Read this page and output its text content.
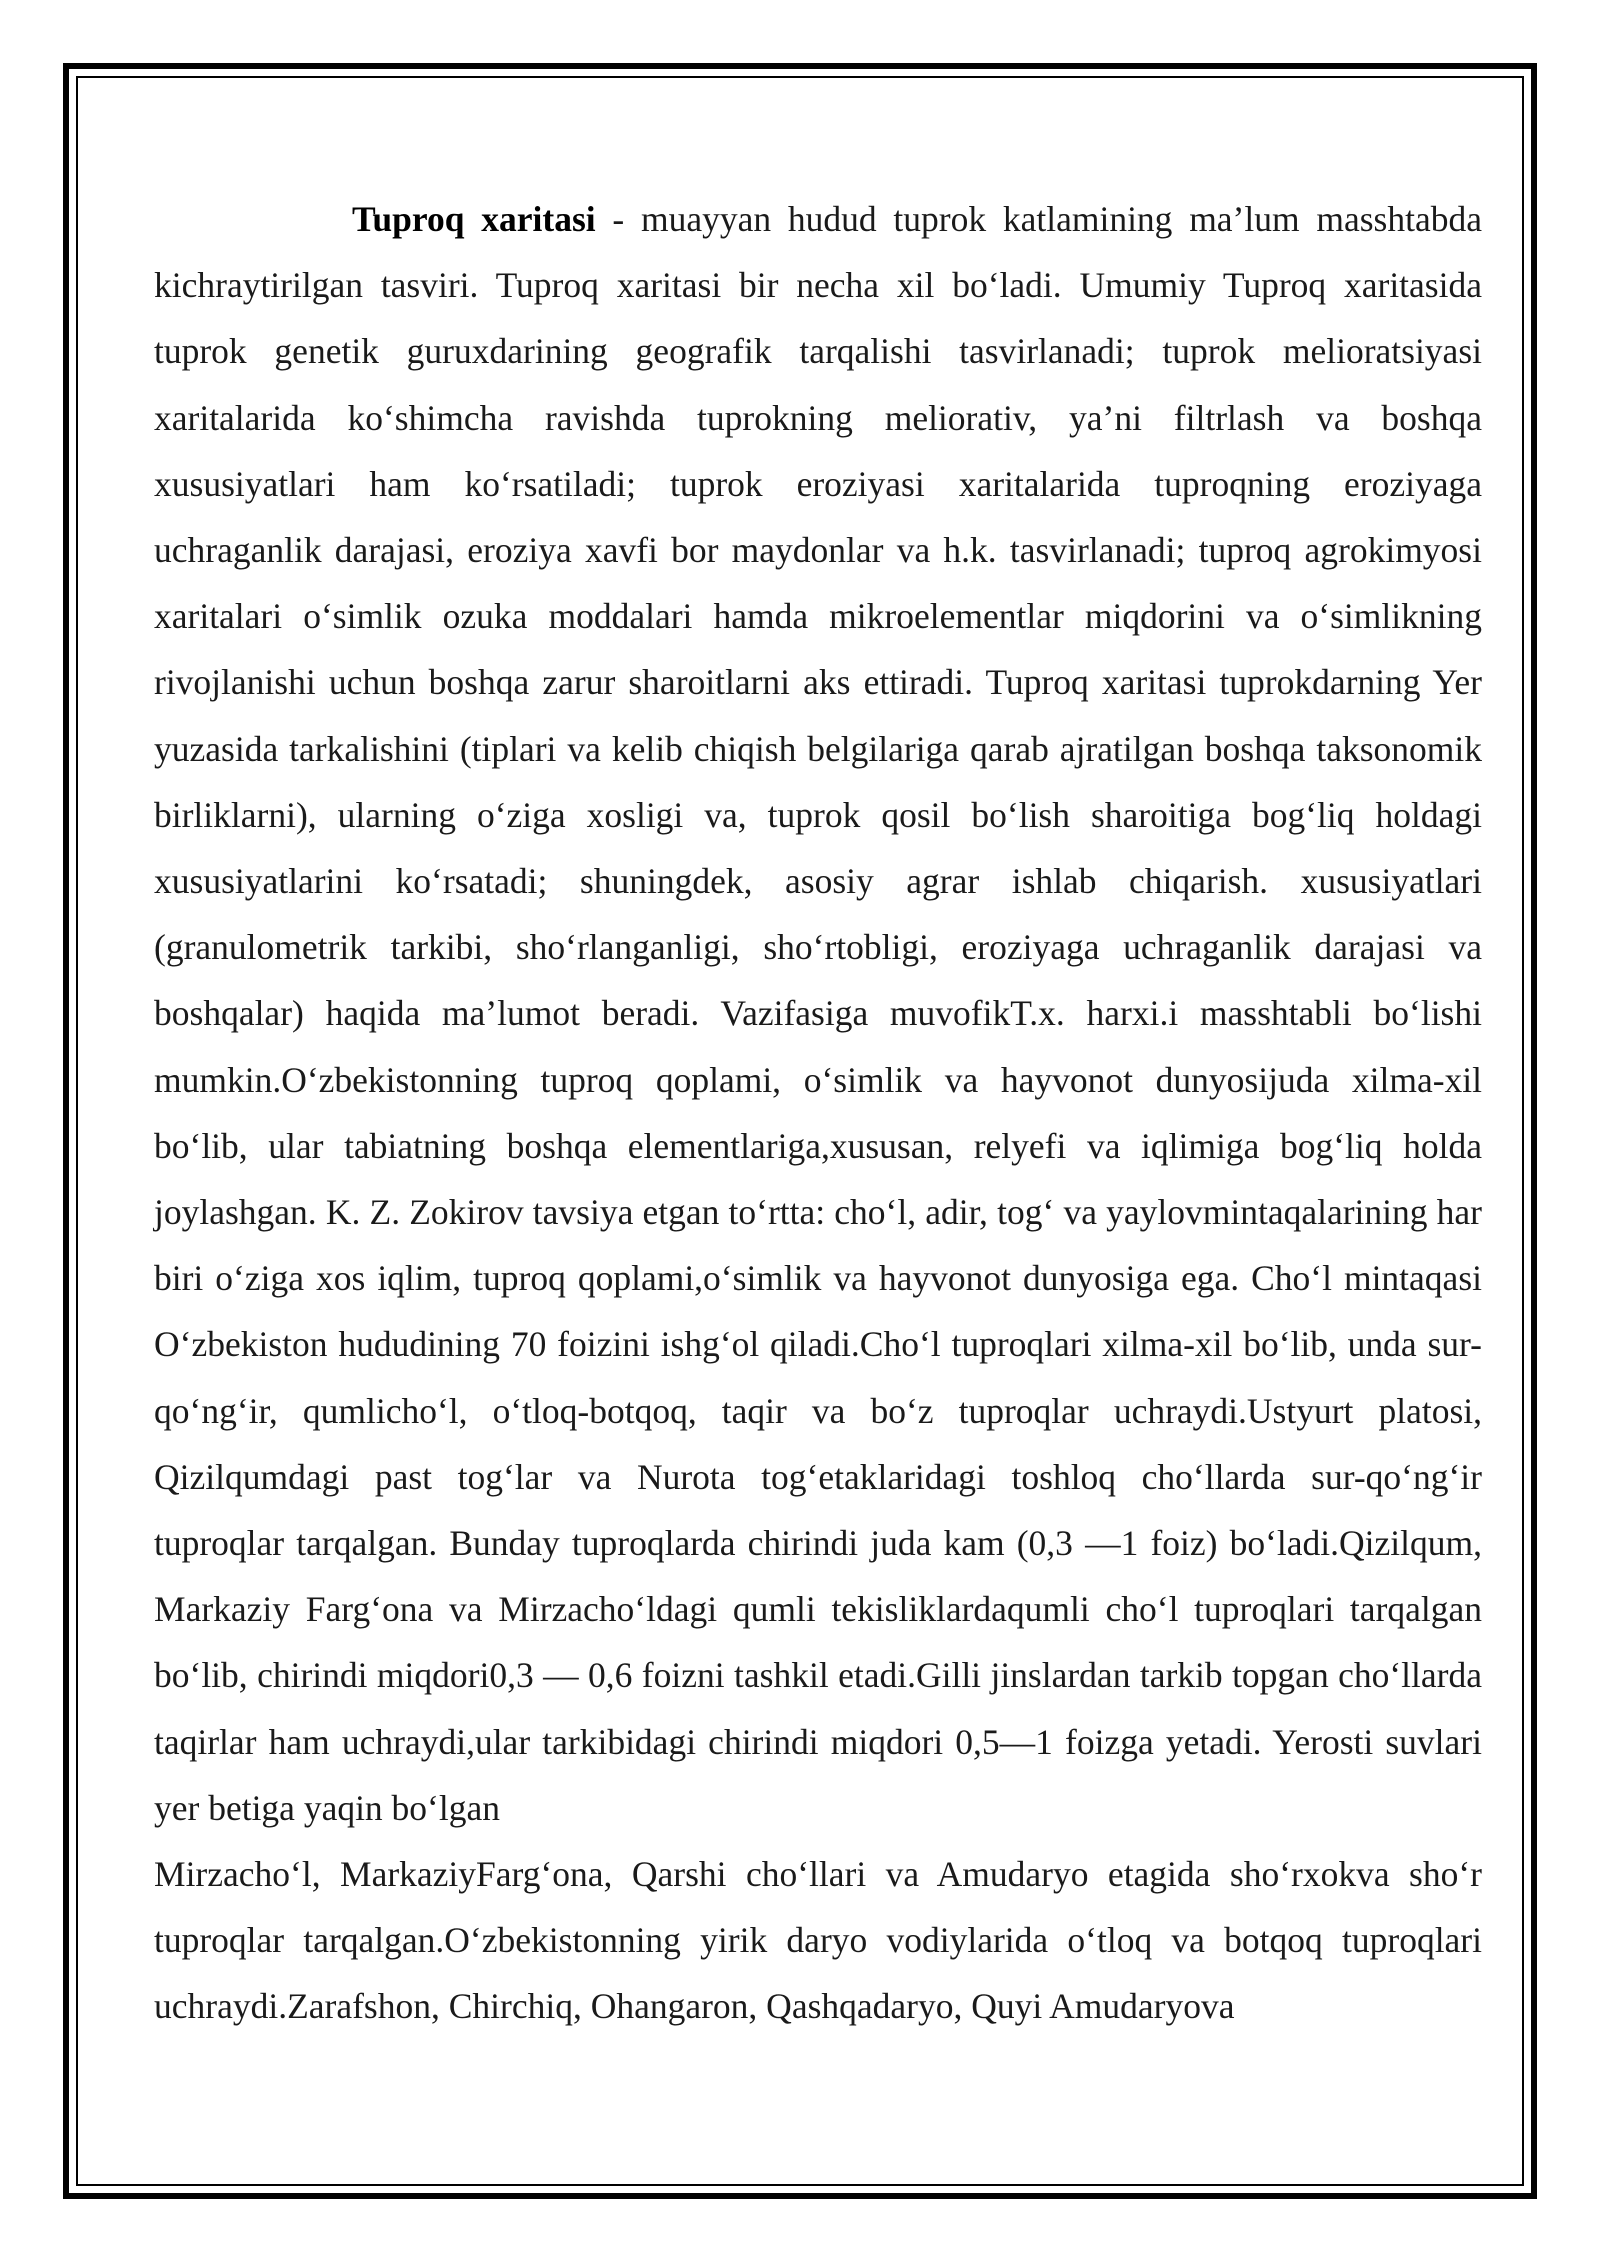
Tuproq xaritasi - muayyan hudud tuprok katlamining ma’lum masshtabda kichraytirilgan tasviri. Tuproq xaritasi bir necha xil bo‘ladi. Umumiy Tuproq xaritasida tuprok genetik guruxdarining geografik tarqalishi tasvirlanadi; tuprok melioratsiyasi xaritalarida ko‘shimcha ravishda tuprokning meliorativ, ya’ni filtrlash va boshqa xususiyatlari ham ko‘rsatiladi; tuprok eroziyasi xaritalarida tuproqning eroziyaga uchraganlik darajasi, eroziya xavfi bor maydonlar va h.k. tasvirlanadi; tuproq agrokimyosi xaritalari o‘simlik ozuka moddalari hamda mikroelementlar miqdorini va o‘simlikning rivojlanishi uchun boshqa zarur sharoitlarni aks ettiradi. Tuproq xaritasi tuprokdarning Yer yuzasida tarkalishini (tiplari va kelib chiqish belgilariga qarab ajratilgan boshqa taksonomik birliklarni), ularning o‘ziga xosligi va, tuprok qosil bo‘lish sharoitiga bog‘liq holdagi xususiyatlarini ko‘rsatadi; shuningdek, asosiy agrar ishlab chiqarish. xususiyatlari (granulometrik tarkibi, sho‘rlanganligi, sho‘rtobligi, eroziyaga uchraganlik darajasi va boshqalar) haqida ma’lumot beradi. Vazifasiga muvofikT.x. harxi.i masshtabli bo‘lishi mumkin.O‘zbekistonning tuproq qoplami, o‘simlik va hayvonot dunyosijuda xilma-xil bo‘lib, ular tabiatning boshqa elementlariga,xususan, relyefi va iqlimiga bog‘liq holda joylashgan. K. Z. Zokirov tavsiya etgan to‘rtta: cho‘l, adir, tog‘ va yaylovmintaqalarining har biri o‘ziga xos iqlim, tuproq qoplami,o‘simlik va hayvonot dunyosiga ega. Cho‘l mintaqasi O‘zbekiston hududining 70 foizini ishg‘ol qiladi.Cho‘l tuproqlari xilma-xil bo‘lib, unda sur-qo‘ng‘ir, qumlicho‘l, o‘tloq-botqoq, taqir va bo‘z tuproqlar uchraydi.Ustyurt platosi, Qizilqumdagi past tog‘lar va Nurota tog‘etaklaridagi toshloq cho‘llarda sur-qo‘ng‘ir tuproqlar tarqalgan. Bunday tuproqlarda chirindi juda kam (0,3 —1 foiz) bo‘ladi.Qizilqum, Markaziy Farg‘ona va Mirzacho‘ldagi qumli tekisliklardaqumli cho‘l tuproqlari tarqalgan bo‘lib, chirindi miqdori0,3 — 0,6 foizni tashkil etadi.Gilli jinslardan tarkib topgan cho‘llarda taqirlar ham uchraydi,ular tarkibidagi chirindi miqdori 0,5—1 foizga yetadi. Yerosti suvlari yer betiga yaqin bo‘lgan

Mirzacho‘l, MarkaziyFarg‘ona, Qarshi cho‘llari va Amudaryo etagida sho‘rxokva sho‘r tuproqlar tarqalgan.O‘zbekistonning yirik daryo vodiylarida o‘tloq va botqoq tuproqlari uchraydi.Zarafshon, Chirchiq, Ohangaron, Qashqadaryo, Quyi Amudaryova
